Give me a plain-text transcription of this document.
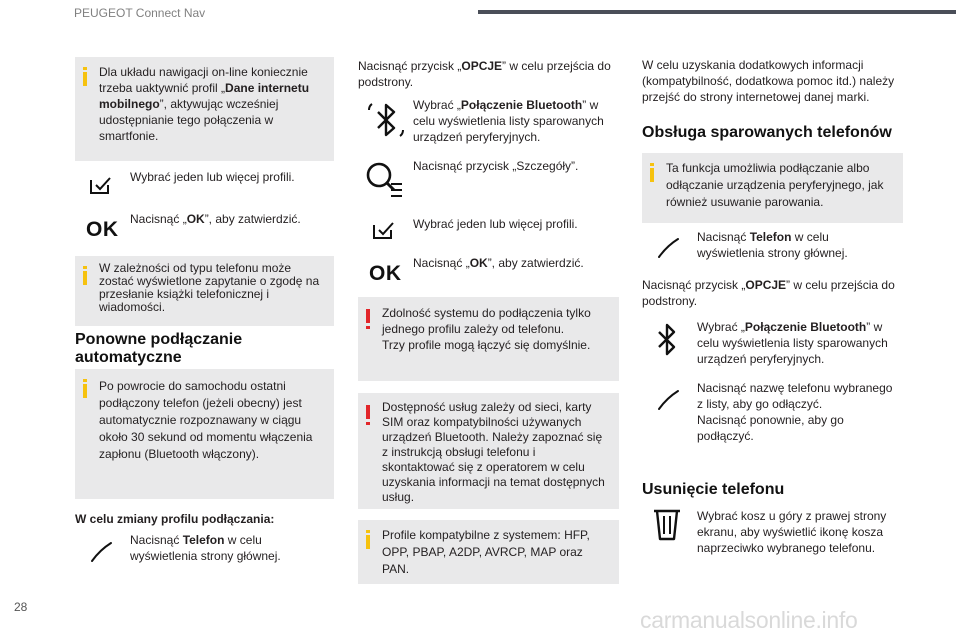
PEUGEOT Connect Nav
Dla układu nawigacji on-line koniecznie trzeba uaktywnić profil „Dane internetu mobilnego”, aktywując wcześniej udostępnianie tego połączenia w smartfonie.
Wybrać jeden lub więcej profili.
OK Nacisnąć „OK”, aby zatwierdzić.
W zależności od typu telefonu może zostać wyświetlone zapytanie o zgodę na przesłanie książki telefonicznej i wiadomości.
Ponowne podłączanie automatyczne
Po powrocie do samochodu ostatni podłączony telefon (jeżeli obecny) jest automatycznie rozpoznawany w ciągu około 30 sekund od momentu włączenia zapłonu (Bluetooth włączony).
W celu zmiany profilu podłączania:
Nacisnąć Telefon w celu wyświetlenia strony głównej.
Nacisnąć przycisk „OPCJE” w celu przejścia do podstrony.
Wybrać „Połączenie Bluetooth” w celu wyświetlenia listy sparowanych urządzeń peryferyjnych.
Nacisnąć przycisk „Szczegóły”.
Wybrać jeden lub więcej profili.
OK Nacisnąć „OK”, aby zatwierdzić.
Zdolność systemu do podłączenia tylko jednego profilu zależy od telefonu.
Trzy profile mogą łączyć się domyślnie.
Dostępność usług zależy od sieci, karty SIM oraz kompatybilności używanych urządzeń Bluetooth. Należy zapoznać się z instrukcją obsługi telefonu i skontaktować się z operatorem w celu uzyskania informacji na temat dostępnych usług.
Profile kompatybilne z systemem: HFP, OPP, PBAP, A2DP, AVRCP, MAP oraz PAN.
W celu uzyskania dodatkowych informacji (kompatybilność, dodatkowa pomoc itd.) należy przejść do strony internetowej danej marki.
Obsługa sparowanych telefonów
Ta funkcja umożliwia podłączanie albo odłączanie urządzenia peryferyjnego, jak również usuwanie parowania.
Nacisnąć Telefon w celu wyświetlenia strony głównej.
Nacisnąć przycisk „OPCJE” w celu przejścia do podstrony.
Wybrać „Połączenie Bluetooth” w celu wyświetlenia listy sparowanych urządzeń peryferyjnych.
Nacisnąć nazwę telefonu wybranego z listy, aby go odłączyć.
Nacisnąć ponownie, aby go podłączyć.
Usunięcie telefonu
Wybrać kosz u góry z prawej strony ekranu, aby wyświetlić ikonę kosza naprzeciwko wybranego telefonu.
28	carmanualsonline.info
